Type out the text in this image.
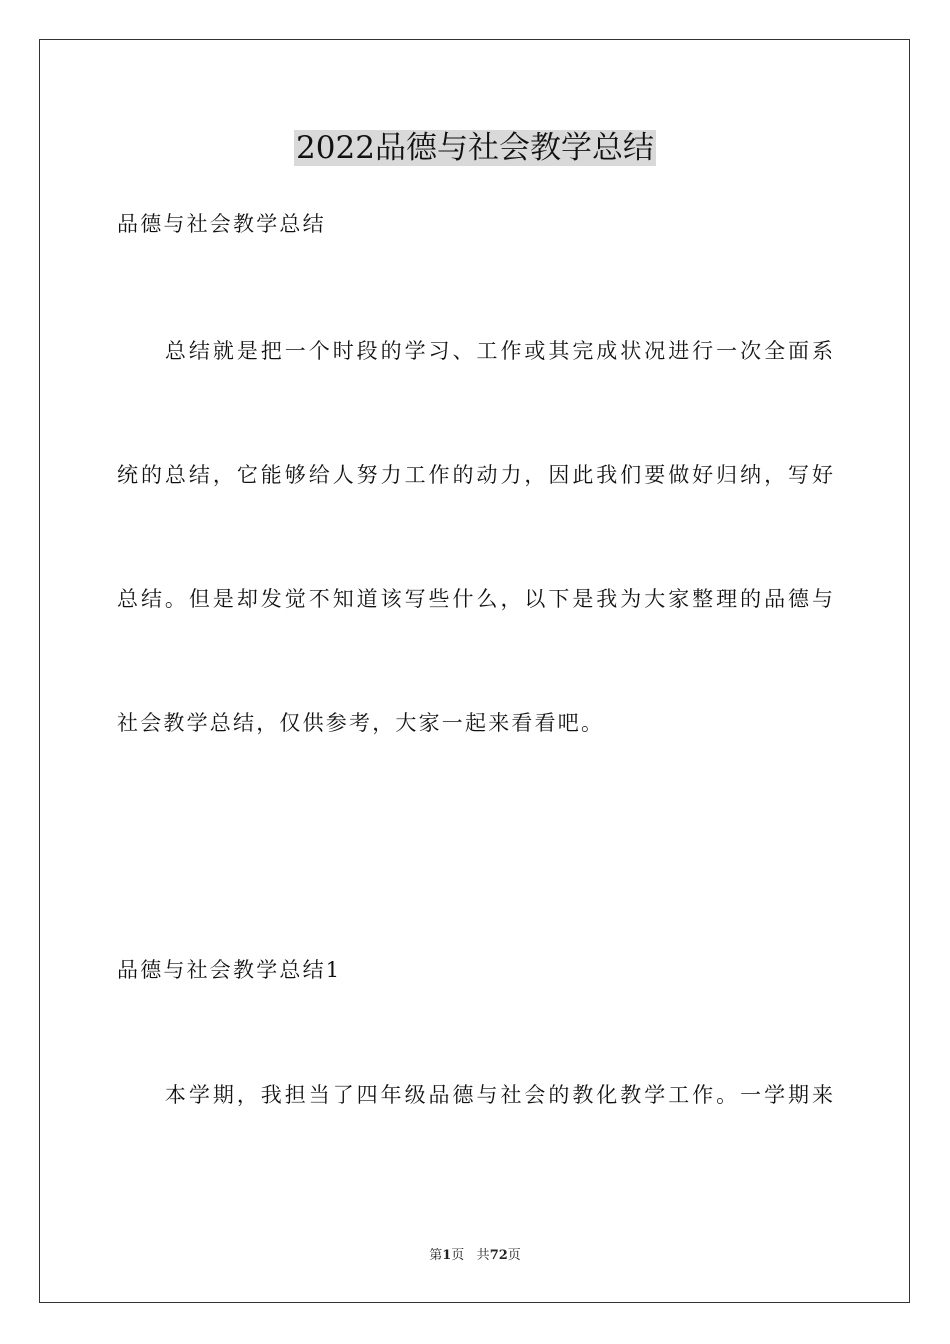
2022品德与社会教学总结

品德与社会教学总结

　　总结就是把一个时段的学习、工作或其完成状况进行一次全面系

统的总结，它能够给人努力工作的动力，因此我们要做好归纳，写好

总结。但是却发觉不知道该写些什么，以下是我为大家整理的品德与

社会教学总结，仅供参考，大家一起来看看吧。

品德与社会教学总结1

　　本学期，我担当了四年级品德与社会的教化教学工作。一学期来

第1页 共72页
